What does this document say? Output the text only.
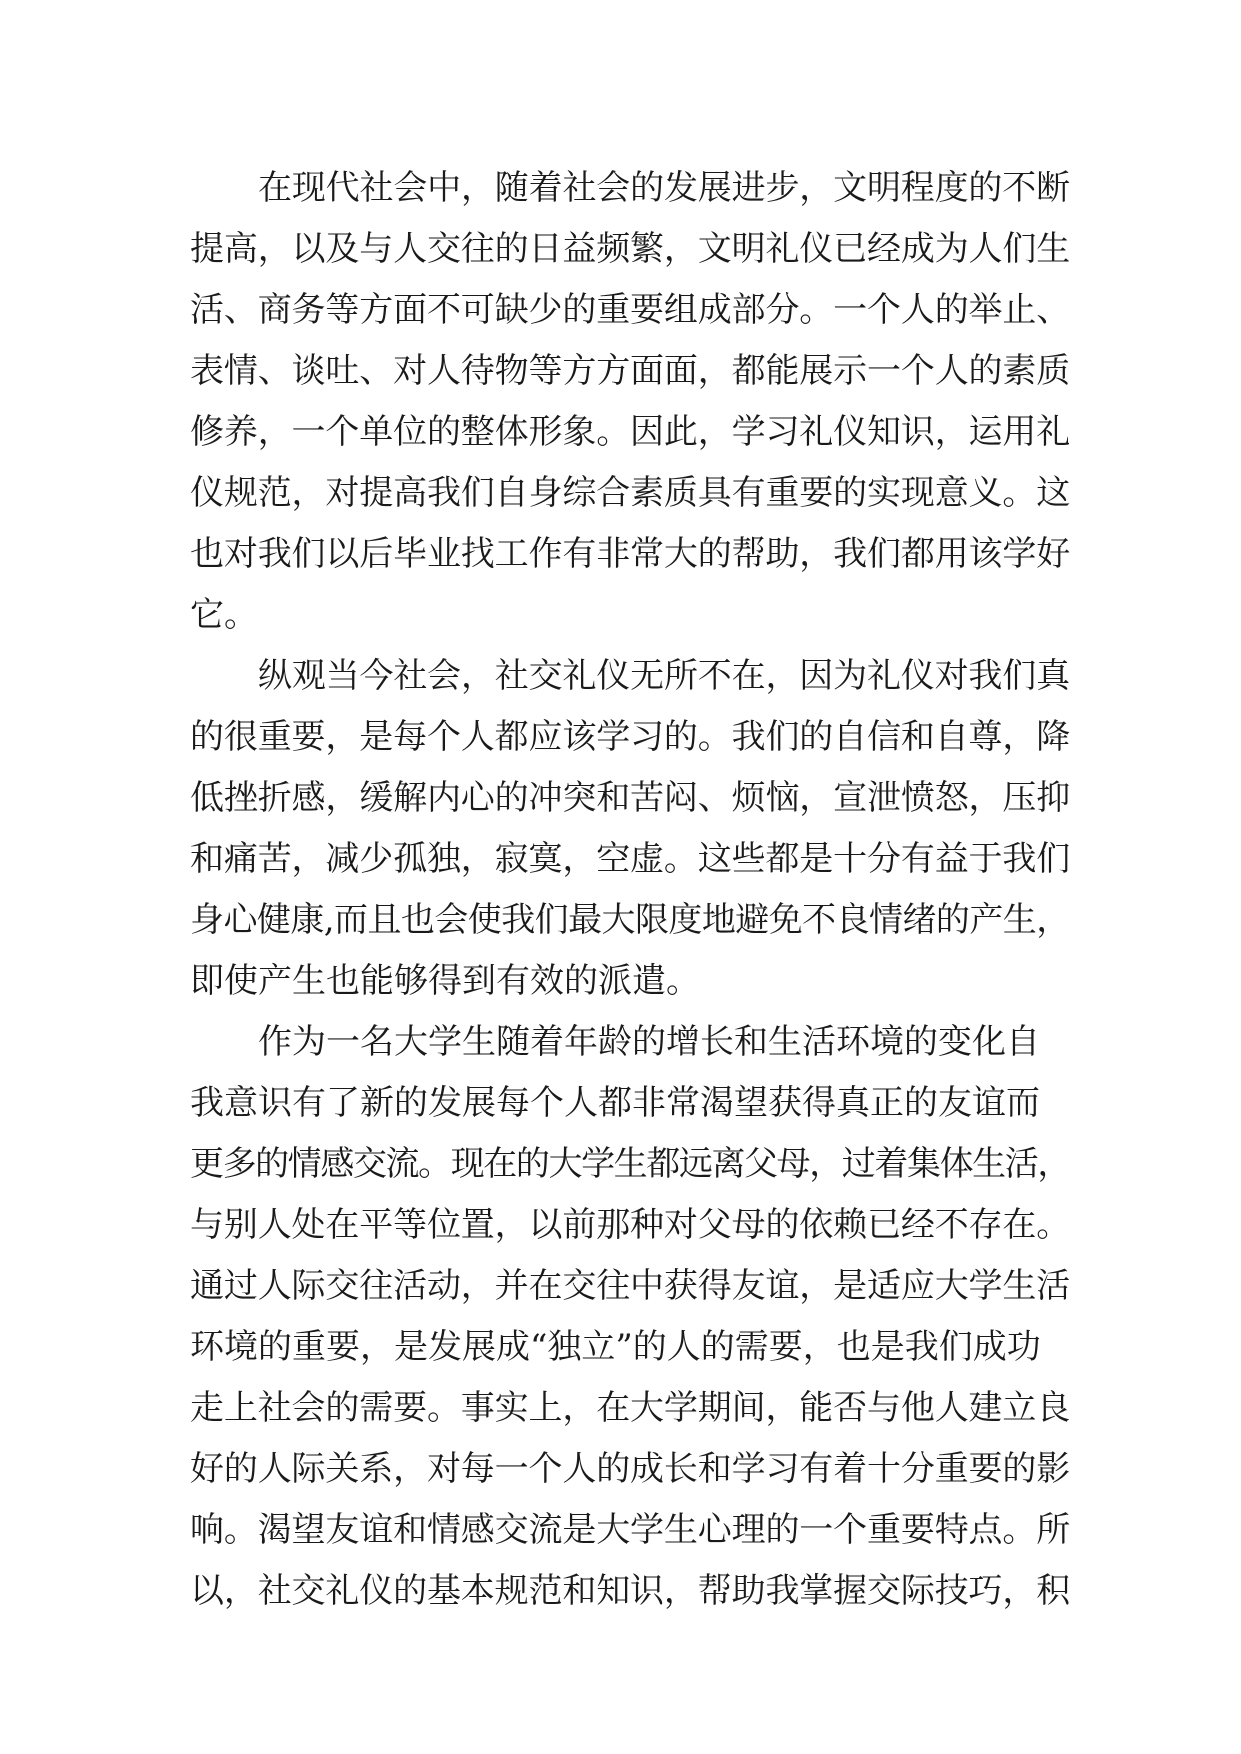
在现代社会中，随着社会的发展进步，文明程度的不断
提高，以及与人交往的日益频繁，文明礼仪已经成为人们生
活、商务等方面不可缺少的重要组成部分。一个人的举止、
表情、谈吐、对人待物等方方面面，都能展示一个人的素质
修养，一个单位的整体形象。因此，学习礼仪知识，运用礼
仪规范，对提高我们自身综合素质具有重要的实现意义。这
也对我们以后毕业找工作有非常大的帮助，我们都用该学好
它。
纵观当今社会，社交礼仪无所不在，因为礼仪对我们真
的很重要，是每个人都应该学习的。我们的自信和自尊，降
低挫折感，缓解内心的冲突和苦闷、烦恼，宣泄愤怒，压抑
和痛苦，减少孤独，寂寞，空虚。这些都是十分有益于我们
身心健康,而且也会使我们最大限度地避免不良情绪的产生，
即使产生也能够得到有效的派遣。
作为一名大学生随着年龄的增长和生活环境的变化自
我意识有了新的发展每个人都非常渴望获得真正的友谊而
更多的情感交流。现在的大学生都远离父母，过着集体生活，
与别人处在平等位置，以前那种对父母的依赖已经不存在。
通过人际交往活动，并在交往中获得友谊，是适应大学生活
环境的重要，是发展成“独立”的人的需要，也是我们成功
走上社会的需要。事实上，在大学期间，能否与他人建立良
好的人际关系，对每一个人的成长和学习有着十分重要的影
响。渴望友谊和情感交流是大学生心理的一个重要特点。所
以，社交礼仪的基本规范和知识，帮助我掌握交际技巧，积
